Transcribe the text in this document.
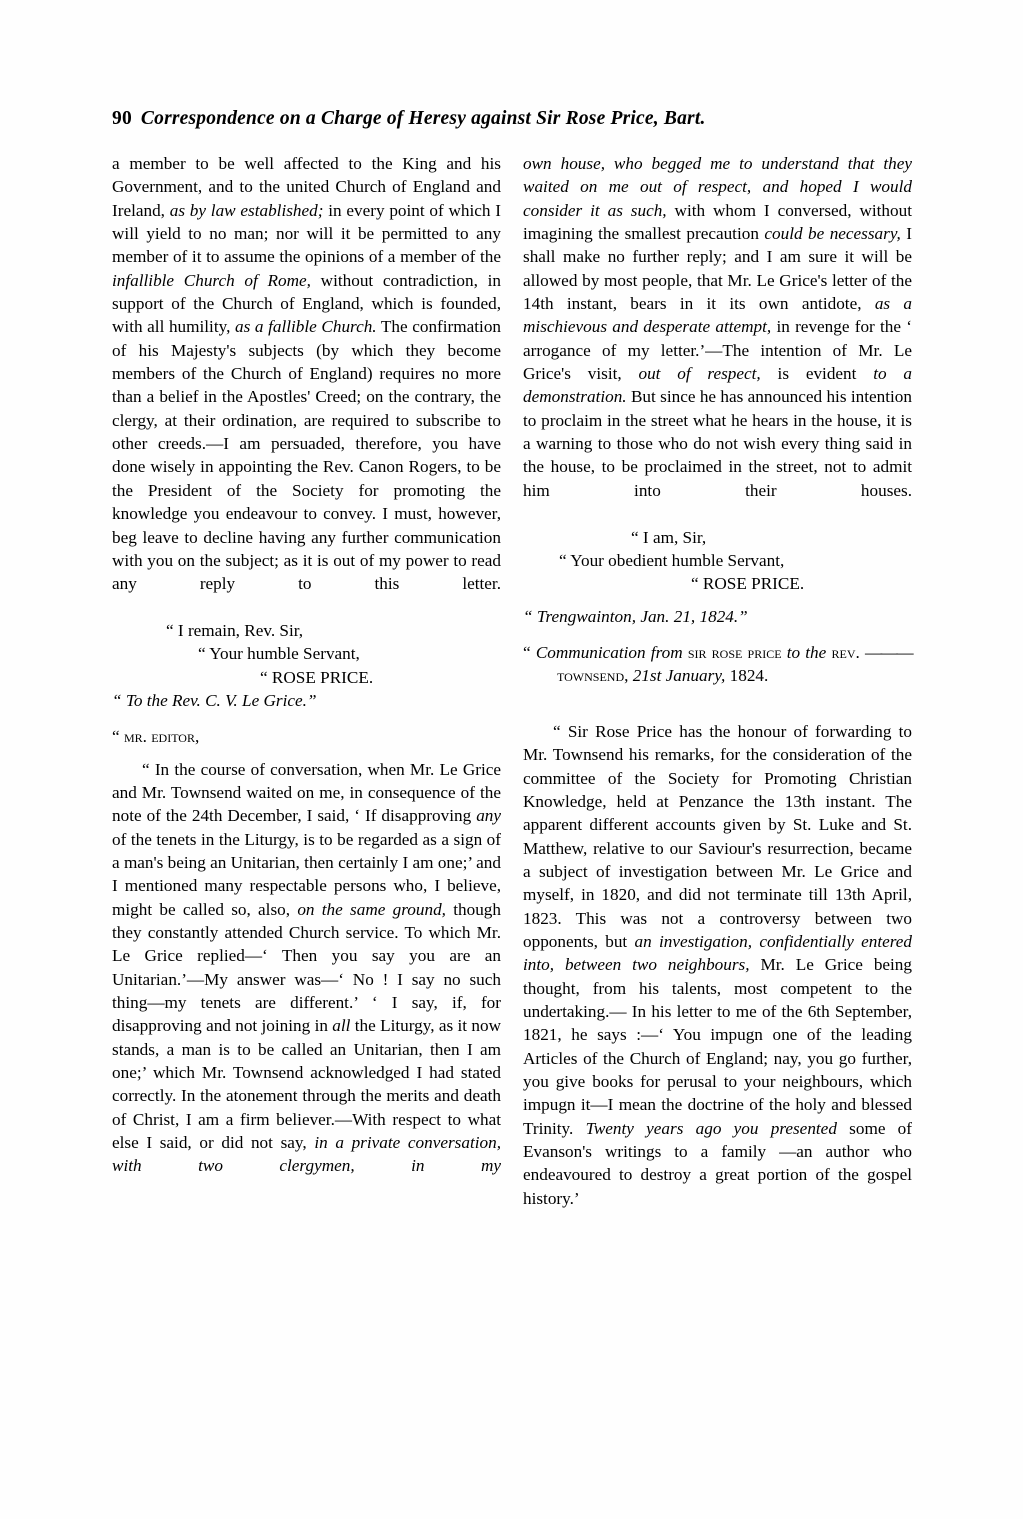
90 Correspondence on a Charge of Heresy against Sir Rose Price, Bart.

a member to be well affected to the King and his Government, and to the united Church of England and Ireland, as by law established; in every point of which I will yield to no man; nor will it be permitted to any member of it to assume the opinions of a member of the infallible Church of Rome, without contradiction, in support of the Church of England, which is founded, with all humility, as a fallible Church. The confirmation of his Majesty's subjects (by which they become members of the Church of England) requires no more than a belief in the Apostles' Creed; on the contrary, the clergy, at their ordination, are required to subscribe to other creeds.—I am persuaded, therefore, you have done wisely in appointing the Rev. Canon Rogers, to be the President of the Society for promoting the knowledge you endeavour to convey. I must, however, beg leave to decline having any further communication with you on the subject; as it is out of my power to read any reply to this letter.

“ I remain, Rev. Sir,

“ Your humble Servant,

“ ROSE PRICE.

“ To the Rev. C. V. Le Grice.”

“ mr. editor,

“ In the course of conversation, when Mr. Le Grice and Mr. Townsend waited on me, in consequence of the note of the 24th December, I said, ‘ If disapproving any of the tenets in the Liturgy, is to be regarded as a sign of a man's being an Unitarian, then certainly I am one;’ and I mentioned many respectable persons who, I believe, might be called so, also, on the same ground, though they constantly attended Church service. To which Mr. Le Grice replied—‘ Then you say you are an Unitarian.’—My answer was—‘ No ! I say no such thing—my tenets are different.’ ‘ I say, if, for disapproving and not joining in all the Liturgy, as it now stands, a man is to be called an Unitarian, then I am one;’ which Mr. Townsend acknowledged I had stated correctly. In the atonement through the merits and death of Christ, I am a firm believer.—With respect to what else I said, or did not say, in a private conversation, with two clergymen, in my

own house, who begged me to understand that they waited on me out of respect, and hoped I would consider it as such, with whom I conversed, without imagining the smallest precaution could be necessary, I shall make no further reply; and I am sure it will be allowed by most people, that Mr. Le Grice's letter of the 14th instant, bears in it its own antidote, as a mischievous and desperate attempt, in revenge for the ‘ arrogance of my letter.’—The intention of Mr. Le Grice's visit, out of respect, is evident to a demonstration. But since he has announced his intention to proclaim in the street what he hears in the house, it is a warning to those who do not wish every thing said in the house, to be proclaimed in the street, not to admit him into their houses.

“ I am, Sir,

“ Your obedient humble Servant,

“ ROSE PRICE.

“ Trengwainton, Jan. 21, 1824.”

“ Communication from sir rose price to the rev. ——— townsend, 21st January, 1824.

“ Sir Rose Price has the honour of forwarding to Mr. Townsend his remarks, for the consideration of the committee of the Society for Promoting Christian Knowledge, held at Penzance the 13th instant. The apparent different accounts given by St. Luke and St. Matthew, relative to our Saviour's resurrection, became a subject of investigation between Mr. Le Grice and myself, in 1820, and did not terminate till 13th April, 1823. This was not a controversy between two opponents, but an investigation, confidentially entered into, between two neighbours, Mr. Le Grice being thought, from his talents, most competent to the undertaking.— In his letter to me of the 6th September, 1821, he says :—‘ You impugn one of the leading Articles of the Church of England; nay, you go further, you give books for perusal to your neighbours, which impugn it—I mean the doctrine of the holy and blessed Trinity. Twenty years ago you presented some of Evanson's writings to a family —an author who endeavoured to destroy a great portion of the gospel history.’
